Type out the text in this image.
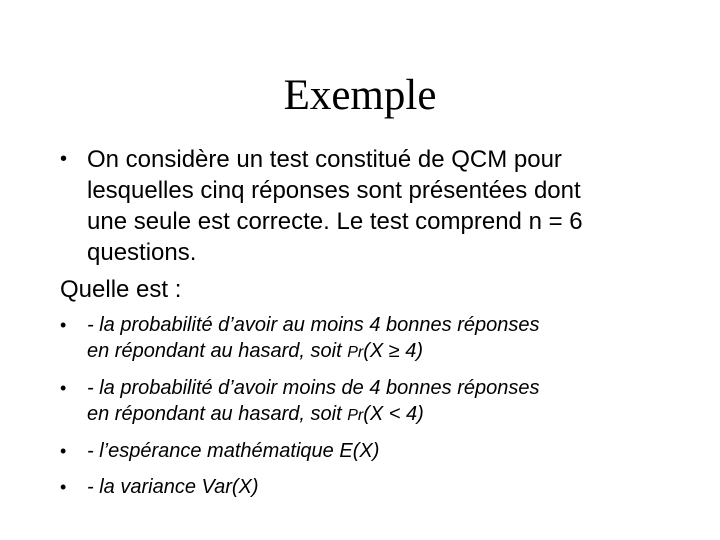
Exemple
• On considère un test constitué de QCM pour
lesquelles cinq réponses sont présentées dont
une seule est correcte. Le test comprend n = 6
questions.
Quelle est :
• - la probabilité d’avoir au moins 4 bonnes réponses
en répondant au hasard, soit Pr(X ≥ 4)
• - la probabilité d’avoir moins de 4 bonnes réponses
en répondant au hasard, soit Pr(X < 4)
• - l’espérance mathématique E(X)
• - la variance Var(X)
